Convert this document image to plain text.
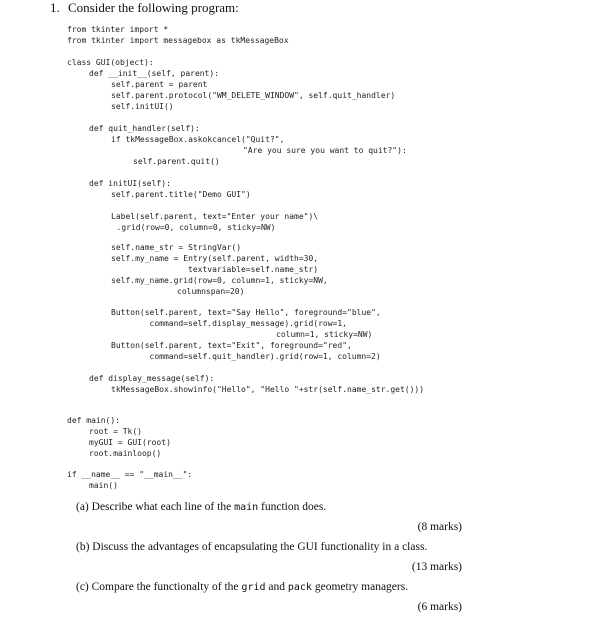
1. Consider the following program:
from tkinter import *
from tkinter import messagebox as tkMessageBox
class GUI(object):
def __init__(self, parent):
self.parent = parent
self.parent.protocol("WM_DELETE_WINDOW", self.quit_handler)
self.initUI()
def quit_handler(self):
if tkMessageBox.askokcancel("Quit?",
"Are you sure you want to quit?"):
self.parent.quit()
def initUI(self):
self.parent.title("Demo GUI")
Label(self.parent, text="Enter your name")\
.grid(row=0, column=0, sticky=NW)
self.name_str = StringVar()
self.my_name = Entry(self.parent, width=30,
textvariable=self.name_str)
self.my_name.grid(row=0, column=1, sticky=NW,
columnspan=20)
Button(self.parent, text="Say Hello", foreground="blue",
command=self.display_message).grid(row=1,
column=1, sticky=NW)
Button(self.parent, text="Exit", foreground="red",
command=self.quit_handler).grid(row=1, column=2)
def display_message(self):
tkMessageBox.showinfo("Hello", "Hello "+str(self.name_str.get()))
def main():
root = Tk()
myGUI = GUI(root)
root.mainloop()
if __name__ == "__main__":
main()
(a) Describe what each line of the main function does.
(8 marks)
(b) Discuss the advantages of encapsulating the GUI functionality in a class.
(13 marks)
(c) Compare the functionalty of the grid and pack geometry managers.
(6 marks)
